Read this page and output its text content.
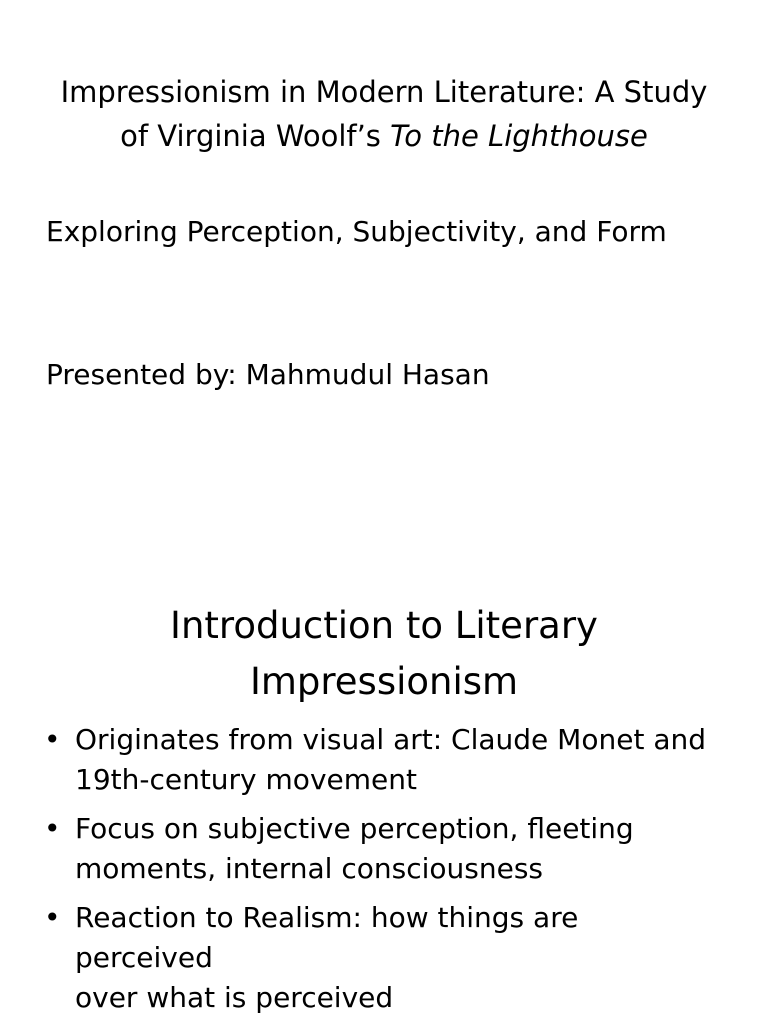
Impressionism in Modern Literature: A Study
of Virginia Woolf’s To the Lighthouse
Exploring Perception, Subjectivity, and Form
Presented by: Mahmudul Hasan
Introduction to Literary
Impressionism
• Originates from visual art: Claude Monet and
19th-century movement
• Focus on subjective perception, fleeting
moments, internal consciousness
• Reaction to Realism: how things are perceived
over what is perceived
